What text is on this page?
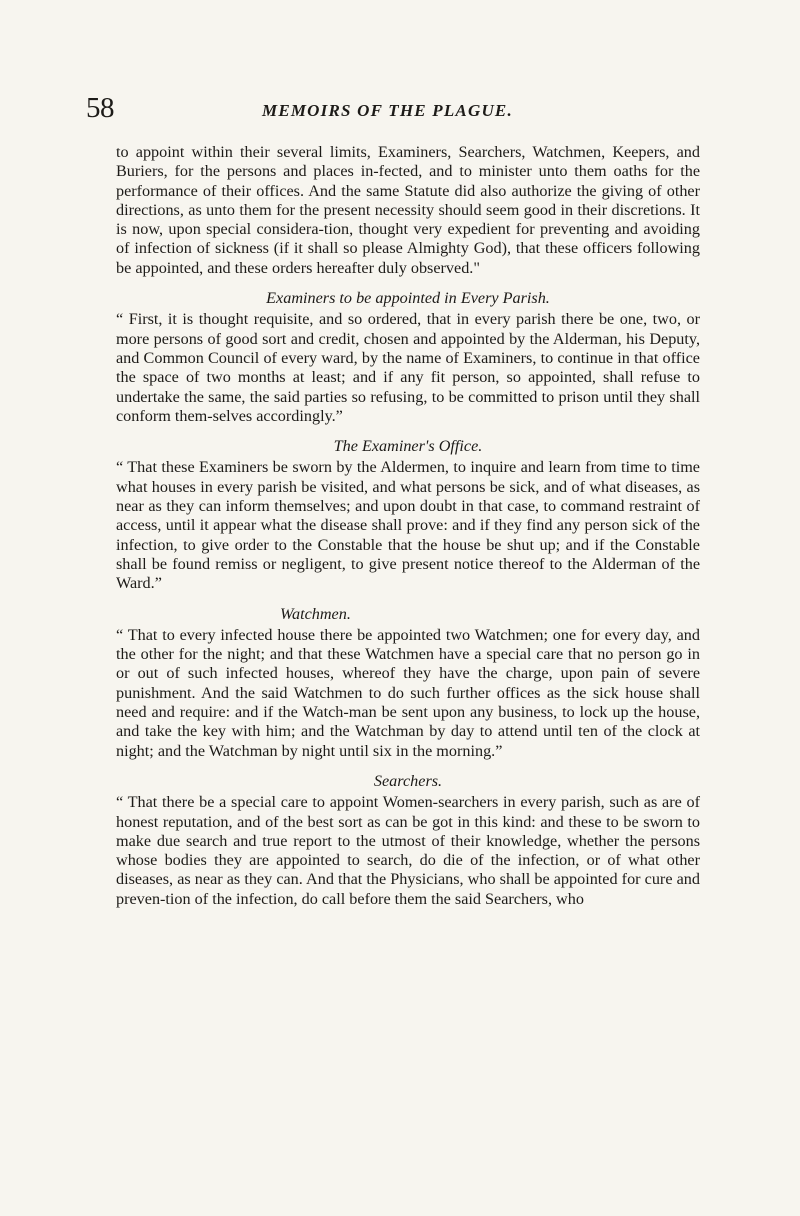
58	MEMOIRS OF THE PLAGUE.

to appoint within their several limits, Examiners, Searchers, Watchmen, Keepers, and Buriers, for the persons and places in-fected, and to minister unto them oaths for the performance of their offices. And the same Statute did also authorize the giving of other directions, as unto them for the present necessity should seem good in their discretions. It is now, upon special considera-tion, thought very expedient for preventing and avoiding of infection of sickness (if it shall so please Almighty God), that these officers following be appointed, and these orders hereafter duly observed."

Examiners to be appointed in Every Parish.

“ First, it is thought requisite, and so ordered, that in every parish there be one, two, or more persons of good sort and credit, chosen and appointed by the Alderman, his Deputy, and Common Council of every ward, by the name of Examiners, to continue in that office the space of two months at least; and if any fit person, so appointed, shall refuse to undertake the same, the said parties so refusing, to be committed to prison until they shall conform them-selves accordingly.”

The Examiner's Office.

“ That these Examiners be sworn by the Aldermen, to inquire and learn from time to time what houses in every parish be visited, and what persons be sick, and of what diseases, as near as they can inform themselves; and upon doubt in that case, to command restraint of access, until it appear what the disease shall prove: and if they find any person sick of the infection, to give order to the Constable that the house be shut up; and if the Constable shall be found remiss or negligent, to give present notice thereof to the Alderman of the Ward.”

Watchmen.

“ That to every infected house there be appointed two Watchmen; one for every day, and the other for the night; and that these Watchmen have a special care that no person go in or out of such infected houses, whereof they have the charge, upon pain of severe punishment. And the said Watchmen to do such further offices as the sick house shall need and require: and if the Watch-man be sent upon any business, to lock up the house, and take the key with him; and the Watchman by day to attend until ten of the clock at night; and the Watchman by night until six in the morning.”

Searchers.

“ That there be a special care to appoint Women-searchers in every parish, such as are of honest reputation, and of the best sort as can be got in this kind: and these to be sworn to make due search and true report to the utmost of their knowledge, whether the persons whose bodies they are appointed to search, do die of the infection, or of what other diseases, as near as they can. And that the Physicians, who shall be appointed for cure and preven-tion of the infection, do call before them the said Searchers, who
